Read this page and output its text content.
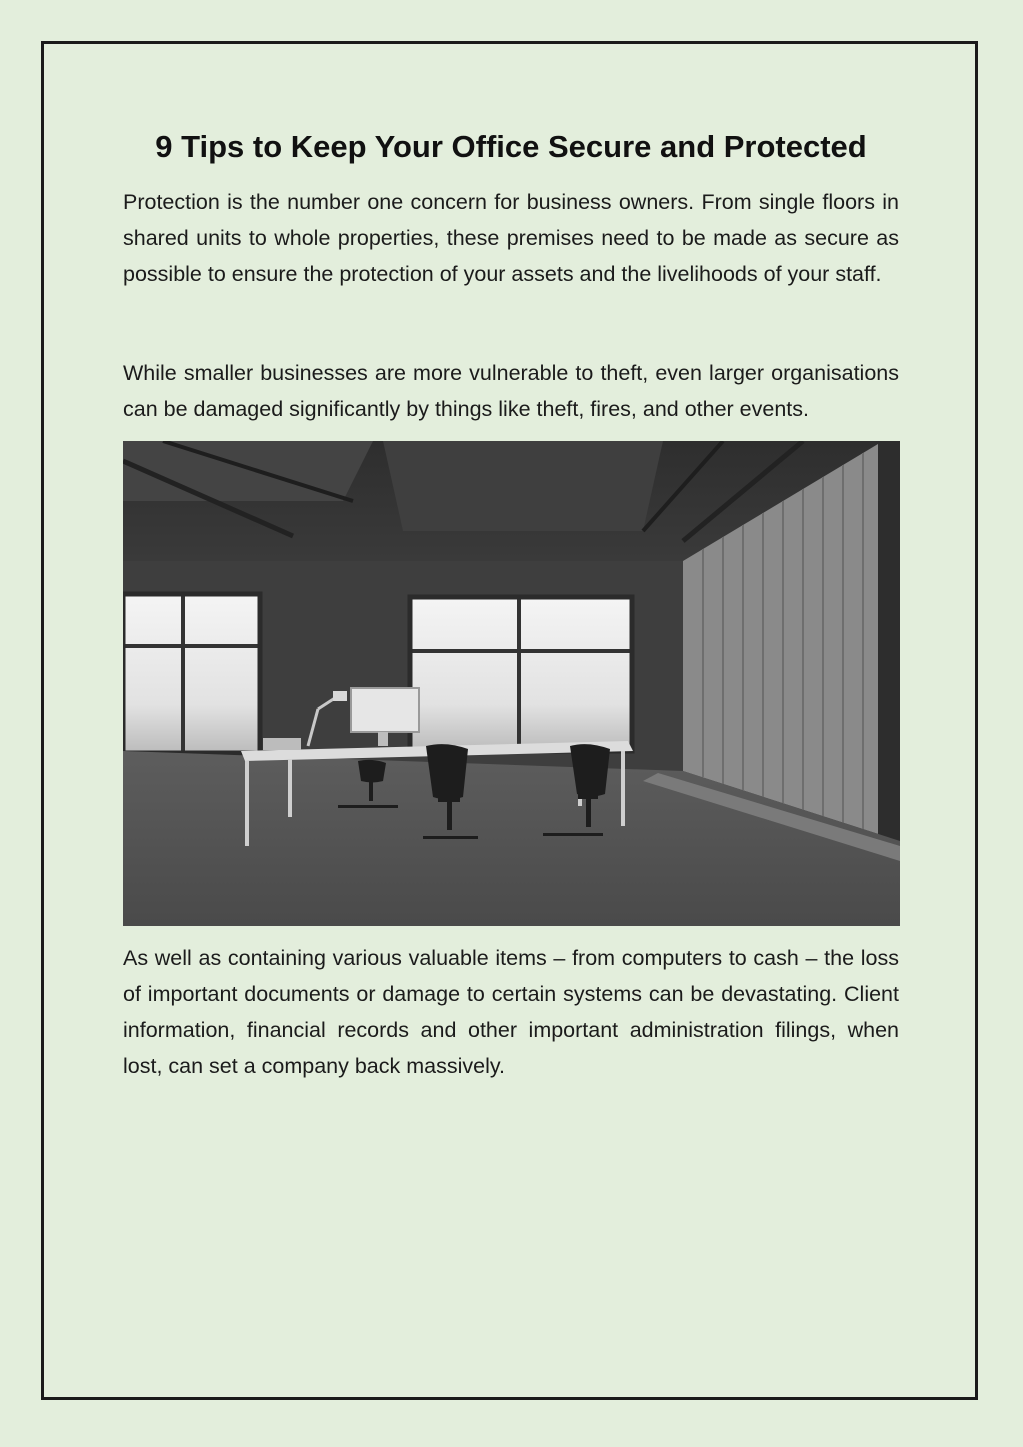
9 Tips to Keep Your Office Secure and Protected

Protection is the number one concern for business owners. From single floors in shared units to whole properties, these premises need to be made as secure as possible to ensure the protection of your assets and the livelihoods of your staff.

While smaller businesses are more vulnerable to theft, even larger organisations can be damaged significantly by things like theft, fires, and other events.

As well as containing various valuable items – from computers to cash – the loss of important documents or damage to certain systems can be devastating. Client information, financial records and other important administration filings, when lost, can set a company back massively.
